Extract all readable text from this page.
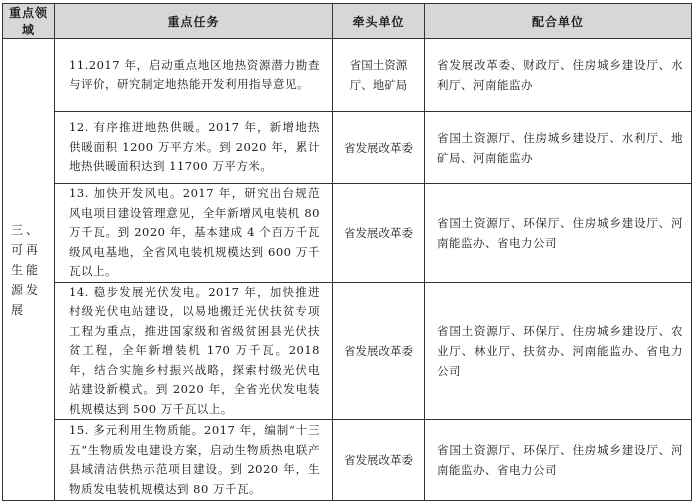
重点领域	重点任务	牵头单位	配合单位
三、可再生能源发展	11.2017 年，启动重点地区地热资源潜力勘查与评价，研究制定地热能开发利用指导意见。	省国土资源厅、地矿局	省发展改革委、财政厅、住房城乡建设厅、水利厅、河南能监办
	12. 有序推进地热供暖。2017 年，新增地热供暖面积 1200 万平方米。到 2020 年，累计地热供暖面积达到 11700 万平方米。	省发展改革委	省国土资源厅、住房城乡建设厅、水利厅、地矿局、河南能监办
	13. 加快开发风电。2017 年，研究出台规范风电项目建设管理意见，全年新增风电装机 80 万千瓦。到 2020 年，基本建成 4 个百万千瓦级风电基地，全省风电装机规模达到 600 万千瓦以上。	省发展改革委	省国土资源厅、环保厅、住房城乡建设厅、河南能监办、省电力公司
	14. 稳步发展光伏发电。2017 年，加快推进村级光伏电站建设，以易地搬迁光伏扶贫专项工程为重点，推进国家级和省级贫困县光伏扶贫工程，全年新增装机 170 万千瓦。2018 年，结合实施乡村振兴战略，探索村级光伏电站建设新模式。到 2020 年，全省光伏发电装机规模达到 500 万千瓦以上。	省发展改革委	省国土资源厅、环保厅、住房城乡建设厅、农业厅、林业厅、扶贫办、河南能监办、省电力公司
	15. 多元利用生物质能。2017 年，编制“十三五”生物质发电建设方案，启动生物质热电联产县域清洁供热示范项目建设。到 2020 年，生物质发电装机规模达到 80 万千瓦。	省发展改革委	省国土资源厅、环保厅、住房城乡建设厅、河南能监办、省电力公司
